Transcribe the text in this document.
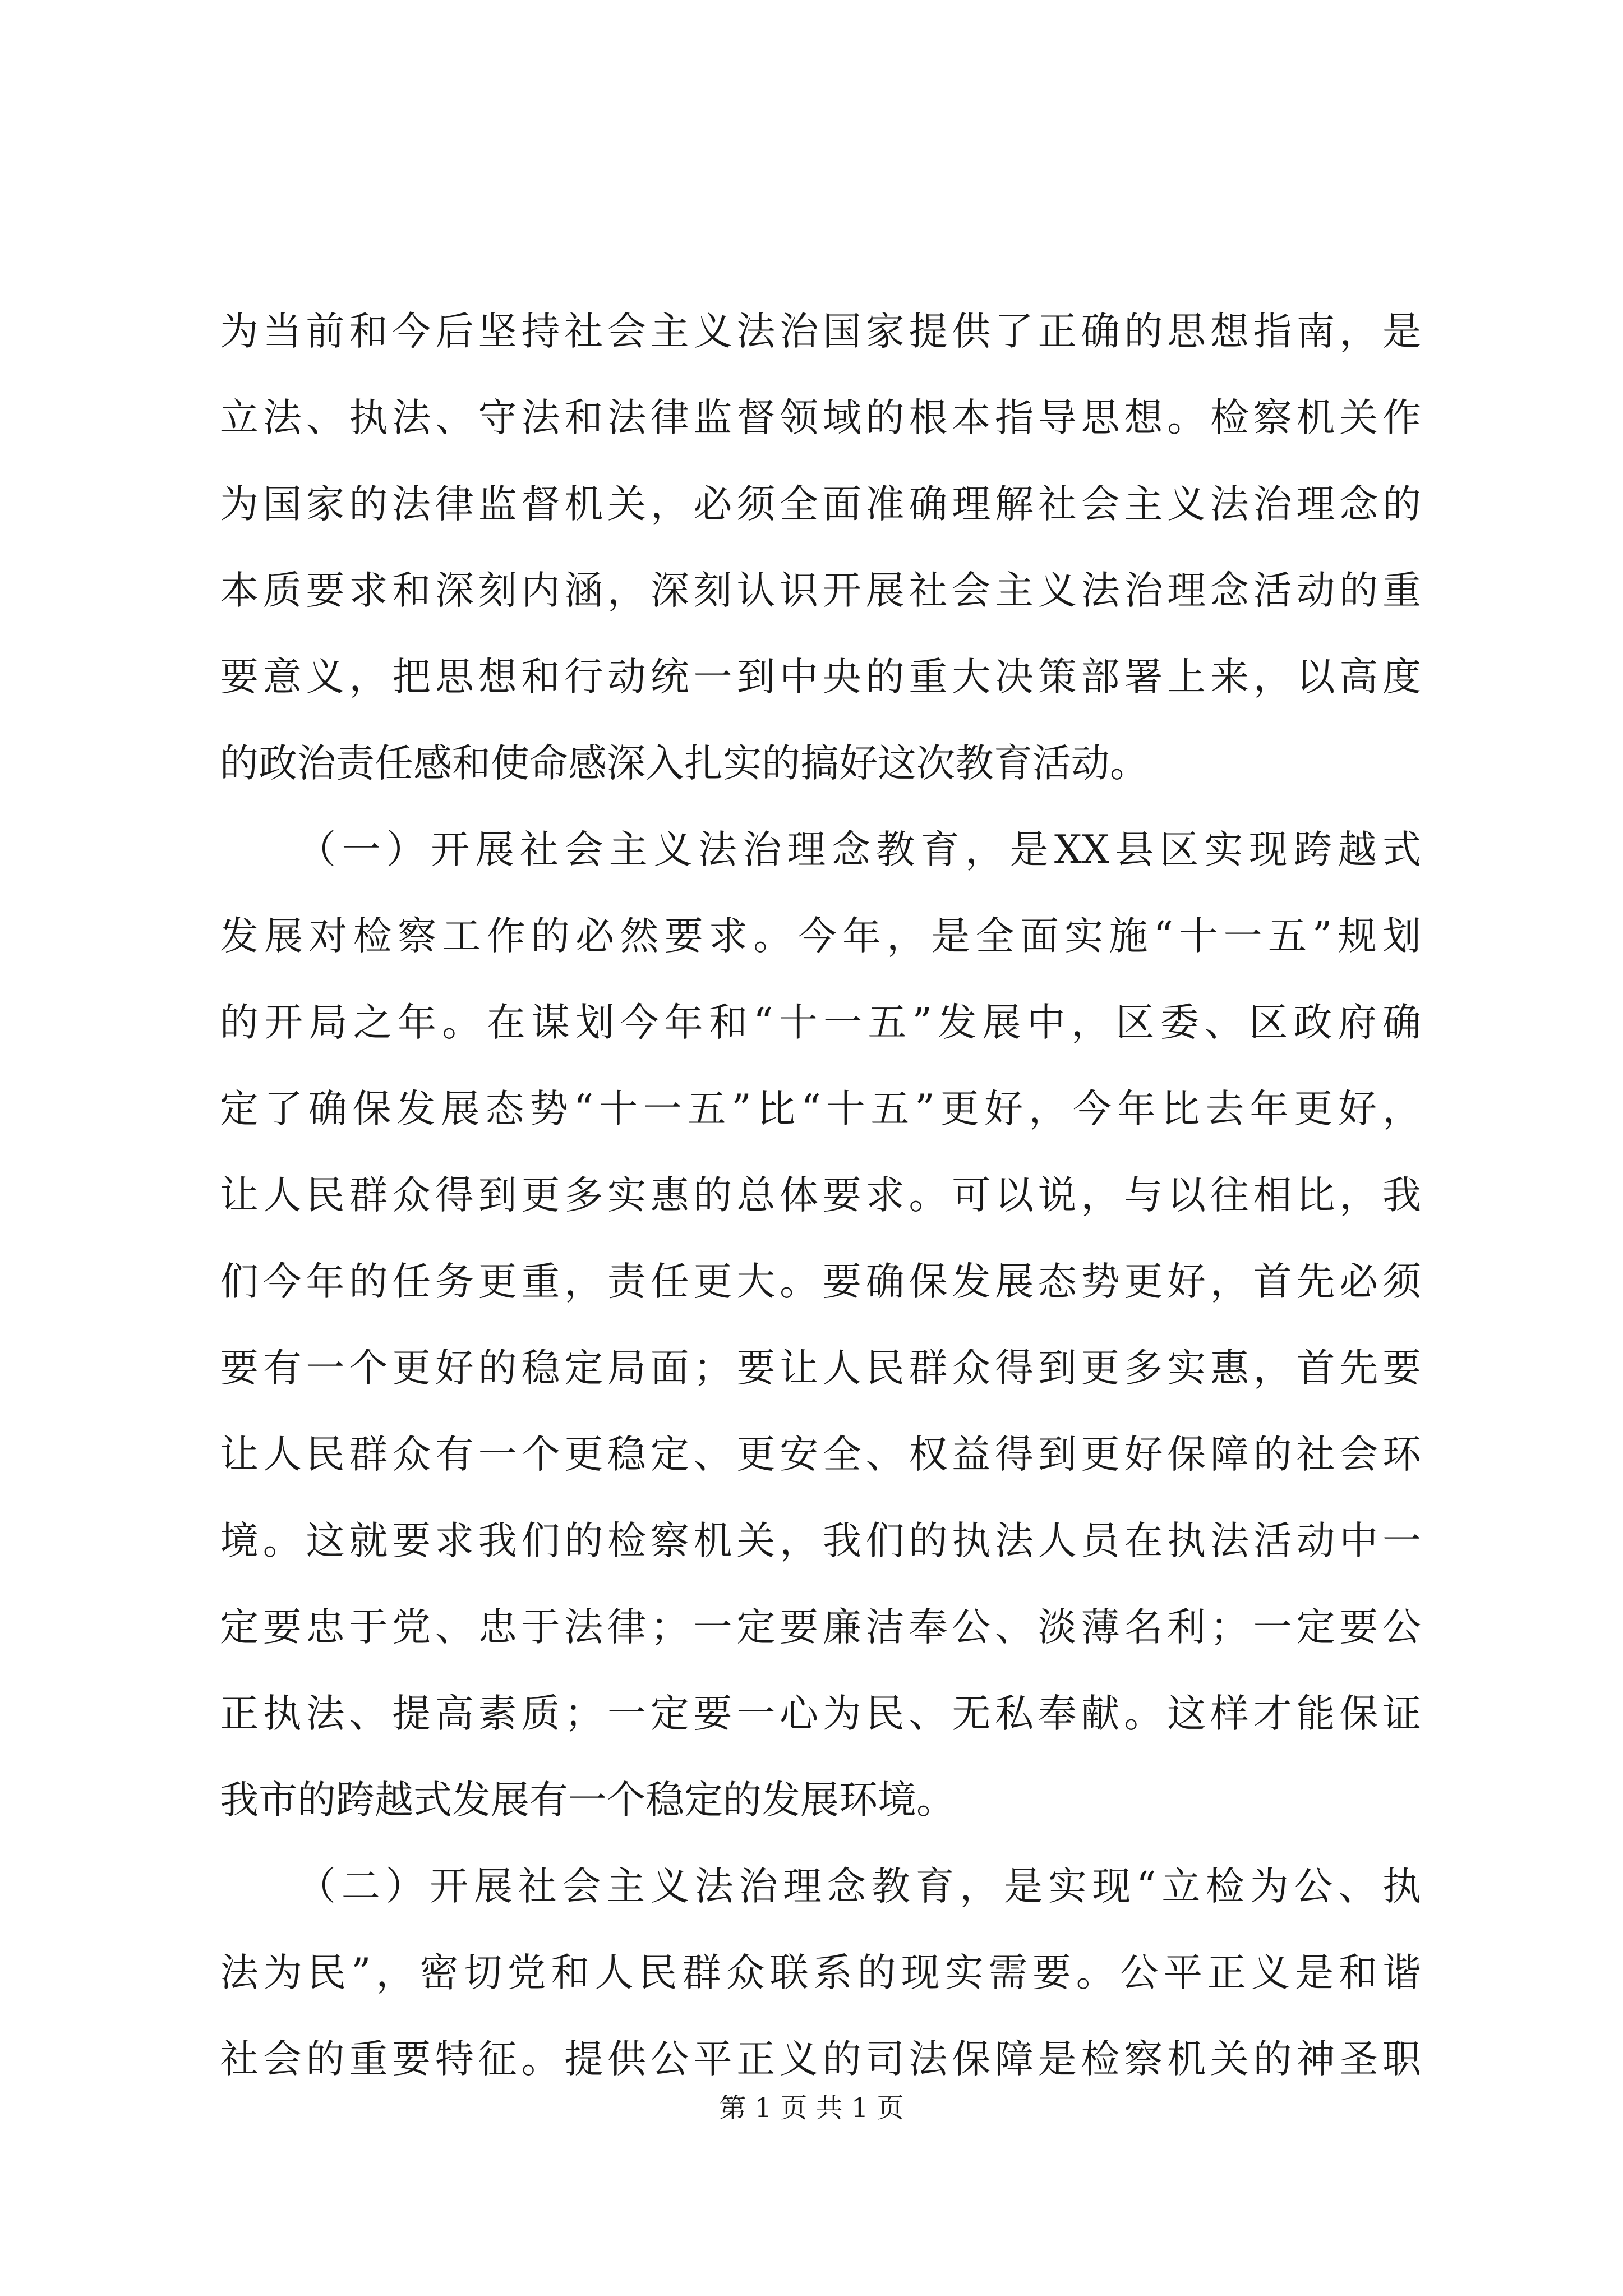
为当前和今后坚持社会主义法治国家提供了正确的思想指南，是
立法、执法、守法和法律监督领域的根本指导思想。检察机关作
为国家的法律监督机关，必须全面准确理解社会主义法治理念的
本质要求和深刻内涵，深刻认识开展社会主义法治理念活动的重
要意义，把思想和行动统一到中央的重大决策部署上来，以高度
的政治责任感和使命感深入扎实的搞好这次教育活动。
（一）开展社会主义法治理念教育，是XX县区实现跨越式
发展对检察工作的必然要求。今年，是全面实施“十一五”规划
的开局之年。在谋划今年和“十一五”发展中，区委、区政府确
定了确保发展态势“十一五”比“十五”更好，今年比去年更好，
让人民群众得到更多实惠的总体要求。可以说，与以往相比，我
们今年的任务更重，责任更大。要确保发展态势更好，首先必须
要有一个更好的稳定局面；要让人民群众得到更多实惠，首先要
让人民群众有一个更稳定、更安全、权益得到更好保障的社会环
境。这就要求我们的检察机关，我们的执法人员在执法活动中一
定要忠于党、忠于法律；一定要廉洁奉公、淡薄名利；一定要公
正执法、提高素质；一定要一心为民、无私奉献。这样才能保证
我市的跨越式发展有一个稳定的发展环境。
（二）开展社会主义法治理念教育，是实现“立检为公、执
法为民”，密切党和人民群众联系的现实需要。公平正义是和谐
社会的重要特征。提供公平正义的司法保障是检察机关的神圣职
第 1 页 共 1 页
